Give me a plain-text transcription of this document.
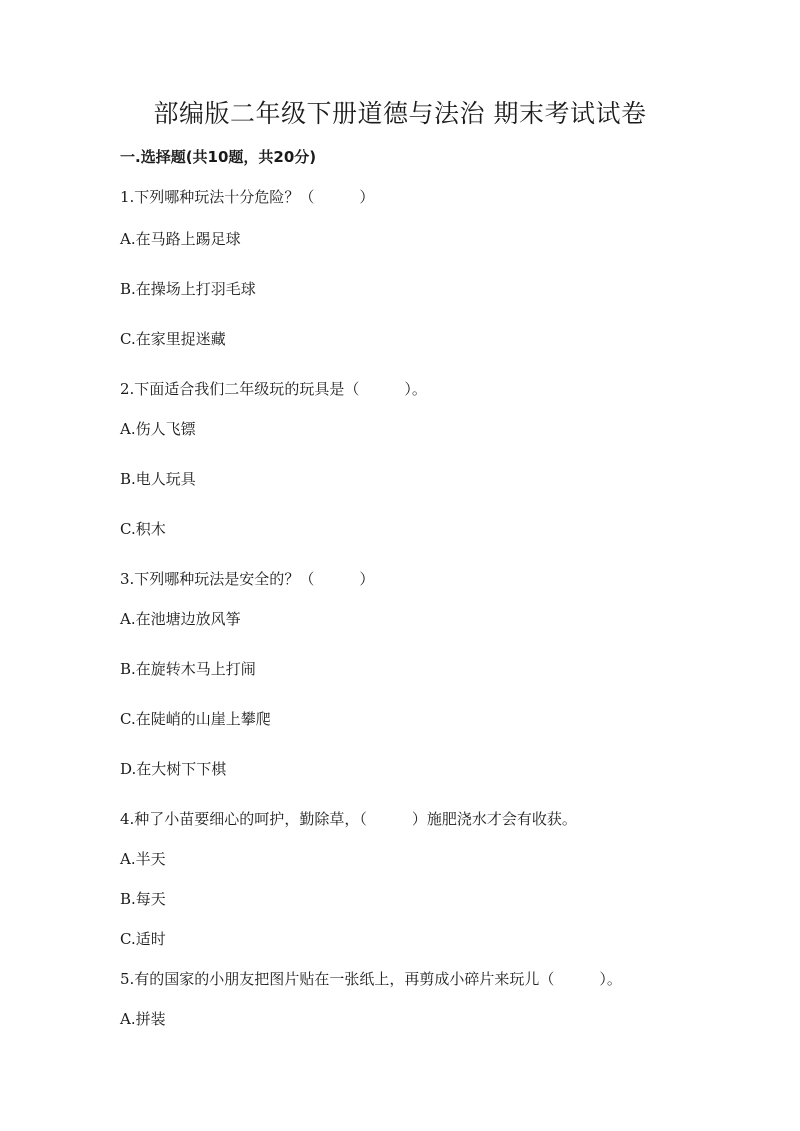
部编版二年级下册道德与法治 期末考试试卷
一.选择题(共10题，共20分)
1.下列哪种玩法十分危险？（　　　）
A.在马路上踢足球
B.在操场上打羽毛球
C.在家里捉迷藏
2.下面适合我们二年级玩的玩具是（　　　）。
A.伤人飞镖
B.电人玩具
C.积木
3.下列哪种玩法是安全的？（　　　）
A.在池塘边放风筝
B.在旋转木马上打闹
C.在陡峭的山崖上攀爬
D.在大树下下棋
4.种了小苗要细心的呵护，勤除草，（　　　）施肥浇水才会有收获。
A.半天
B.每天
C.适时
5.有的国家的小朋友把图片贴在一张纸上，再剪成小碎片来玩儿（　　　）。
A.拼装
